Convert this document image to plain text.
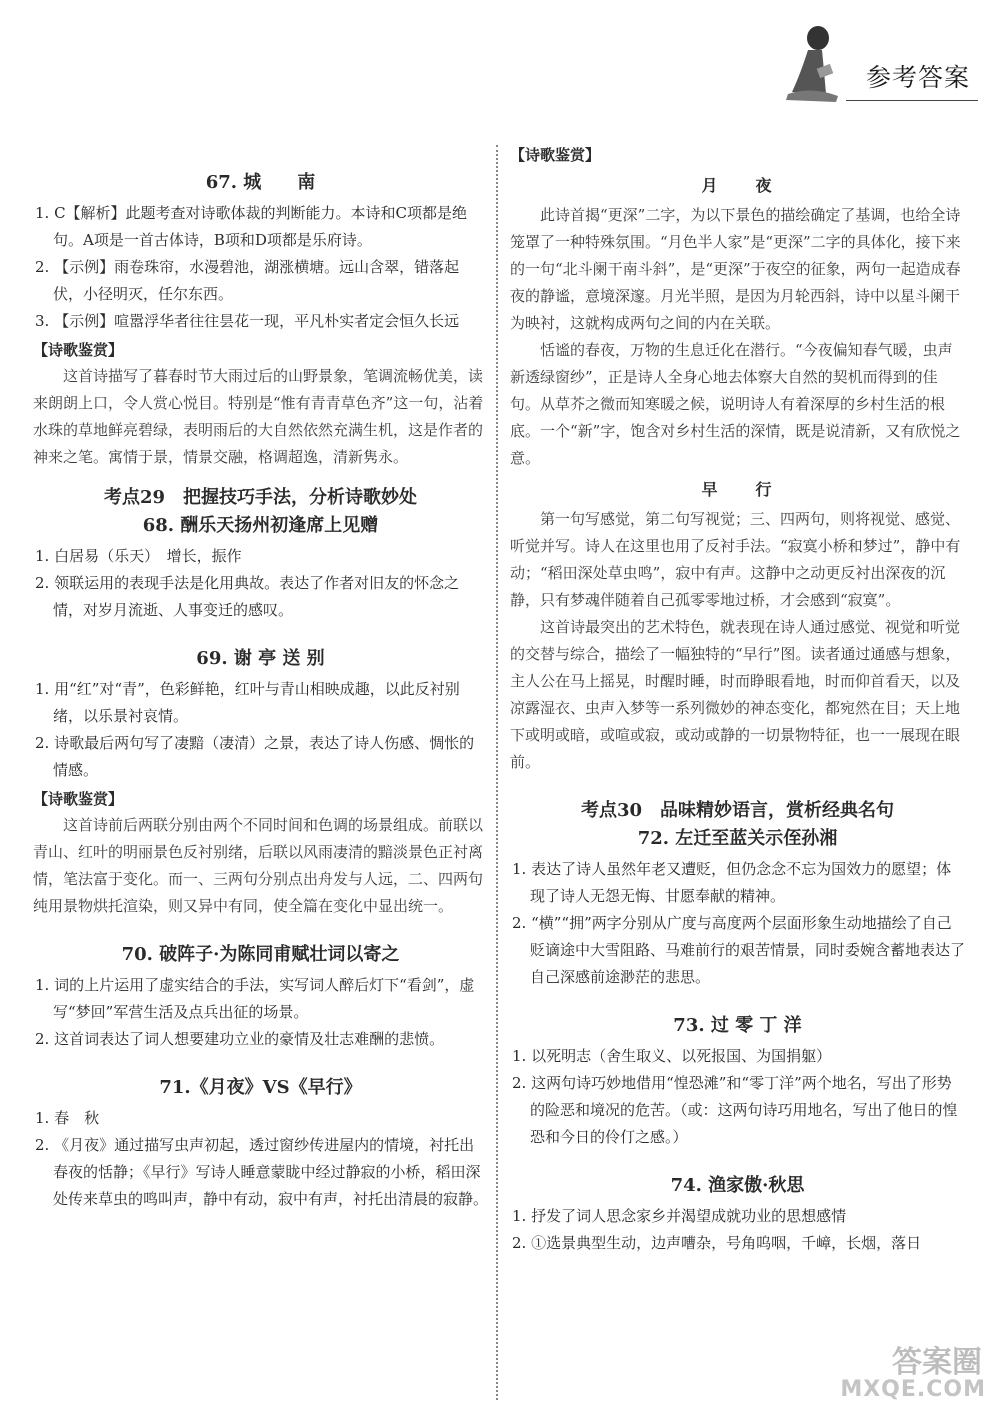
参考答案
67. 城　　南

1. C【解析】此题考查对诗歌体裁的判断能力。本诗和C项都是绝句。A项是一首古体诗，B项和D项都是乐府诗。

2. 【示例】雨卷珠帘，水漫碧池，湖涨横塘。远山含翠，错落起伏，小径明灭，任尔东西。

3. 【示例】喧嚣浮华者往往昙花一现，平凡朴实者定会恒久长远

【诗歌鉴赏】

这首诗描写了暮春时节大雨过后的山野景象，笔调流畅优美，读来朗朗上口，令人赏心悦目。特别是“惟有青青草色齐”这一句，沾着水珠的草地鲜亮碧绿，表明雨后的大自然依然充满生机，这是作者的神来之笔。寓情于景，情景交融，格调超逸，清新隽永。

考点29　把握技巧手法，分析诗歌妙处
68. 酬乐天扬州初逢席上见赠

1. 白居易（乐天）　增长，振作

2. 领联运用的表现手法是化用典故。表达了作者对旧友的怀念之情，对岁月流逝、人事变迁的感叹。

69. 谢 亭 送 别

1. 用“红”对“青”，色彩鲜艳，红叶与青山相映成趣，以此反衬别绪，以乐景衬哀情。

2. 诗歌最后两句写了凄黯（凄清）之景，表达了诗人伤感、惆怅的情感。

【诗歌鉴赏】

这首诗前后两联分别由两个不同时间和色调的场景组成。前联以青山、红叶的明丽景色反衬别绪，后联以风雨凄清的黯淡景色正衬离情，笔法富于变化。而一、三两句分别点出舟发与人远，二、四两句纯用景物烘托渲染，则又异中有同，使全篇在变化中显出统一。

70. 破阵子·为陈同甫赋壮词以寄之

1. 词的上片运用了虚实结合的手法，实写词人醉后灯下“看剑”，虚写“梦回”军营生活及点兵出征的场景。

2. 这首词表达了词人想要建功立业的豪情及壮志难酬的悲愤。

71.《月夜》VS《早行》

1. 春　秋

2. 《月夜》通过描写虫声初起，透过窗纱传进屋内的情境，衬托出春夜的恬静；《早行》写诗人睡意蒙眬中经过静寂的小桥，稻田深处传来草虫的鸣叫声，静中有动，寂中有声，衬托出清晨的寂静。

【诗歌鉴赏】
月　　夜

此诗首揭“更深”二字，为以下景色的描绘确定了基调，也给全诗笼罩了一种特殊氛围。“月色半人家”是“更深”二字的具体化，接下来的一句“北斗阑干南斗斜”，是“更深”于夜空的征象，两句一起造成春夜的静谧，意境深邃。月光半照，是因为月轮西斜，诗中以星斗阑干为映衬，这就构成两句之间的内在关联。

恬谧的春夜，万物的生息迁化在潜行。“今夜偏知春气暖，虫声新透绿窗纱”，正是诗人全身心地去体察大自然的契机而得到的佳句。从草芥之微而知寒暖之候，说明诗人有着深厚的乡村生活的根底。一个“新”字，饱含对乡村生活的深情，既是说清新，又有欣悦之意。

早　　行

第一句写感觉，第二句写视觉；三、四两句，则将视觉、感觉、听觉并写。诗人在这里也用了反衬手法。“寂寞小桥和梦过”，静中有动；“稻田深处草虫鸣”，寂中有声。这静中之动更反衬出深夜的沉静，只有梦魂伴随着自己孤零零地过桥，才会感到“寂寞”。

这首诗最突出的艺术特色，就表现在诗人通过感觉、视觉和听觉的交替与综合，描绘了一幅独特的“早行”图。读者通过通感与想象，主人公在马上摇晃，时醒时睡，时而睁眼看地，时而仰首看天，以及凉露湿衣、虫声入梦等一系列微妙的神态变化，都宛然在目；天上地下或明或暗，或喧或寂，或动或静的一切景物特征，也一一展现在眼前。

考点30　品味精妙语言，赏析经典名句
72. 左迁至蓝关示侄孙湘

1. 表达了诗人虽然年老又遭贬，但仍念念不忘为国效力的愿望；体现了诗人无怨无悔、甘愿奉献的精神。

2. “横”“拥”两字分别从广度与高度两个层面形象生动地描绘了自己贬谪途中大雪阻路、马难前行的艰苦情景，同时委婉含蓄地表达了自己深感前途渺茫的悲思。

73. 过 零 丁 洋

1. 以死明志（舍生取义、以死报国、为国捐躯）

2. 这两句诗巧妙地借用“惶恐滩”和“零丁洋”两个地名，写出了形势的险恶和境况的危苦。（或：这两句诗巧用地名，写出了他日的惶恐和今日的伶仃之感。）

74. 渔家傲·秋思

1. 抒发了词人思念家乡并渴望成就功业的思想感情

2. ①选景典型生动，边声嘈杂，号角呜咽，千嶂，长烟，落日

答案圈
MXQE.COM
